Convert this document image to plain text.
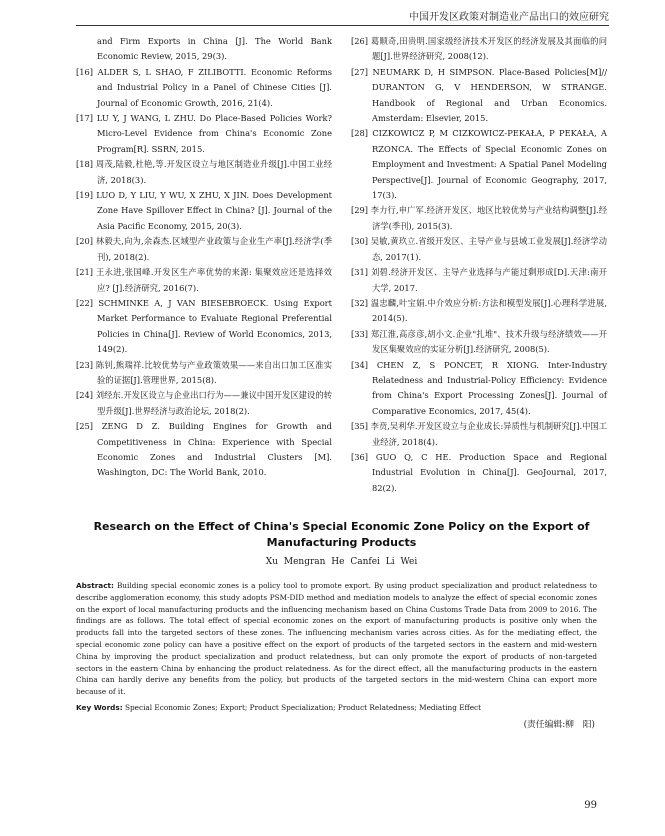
中国开发区政策对制造业产品出口的效应研究
and Firm Exports in China [J]. The World Bank Economic Review, 2015, 29(3).
[16] ALDER S, L SHAO, F ZILIBOTTI. Economic Reforms and Industrial Policy in a Panel of Chinese Cities [J]. Journal of Economic Growth, 2016, 21(4).
[17] LU Y, J WANG, L ZHU. Do Place-Based Policies Work? Micro-Level Evidence from China's Economic Zone Program[R]. SSRN, 2015.
[18] 周茂,陆毅,杜艳,等.开发区设立与地区制造业升级[J].中国工业经济, 2018(3).
[19] LUO D, Y LIU, Y WU, X ZHU, X JIN. Does Development Zone Have Spillover Effect in China? [J]. Journal of the Asia Pacific Economy, 2015, 20(3).
[20] 林毅夫,向为,余森杰.区域型产业政策与企业生产率[J].经济学(季刊), 2018(2).
[21] 王永进,张国峰.开发区生产率优势的来源: 集聚效应还是选择效应? [J].经济研究, 2016(7).
[22] SCHMINKE A, J VAN BIESEBROECK. Using Export Market Performance to Evaluate Regional Preferential Policies in China[J]. Review of World Economics, 2013, 149(2).
[23] 陈钊,熊瑞祥.比较优势与产业政策效果——来自出口加工区准实验的证据[J].管理世界, 2015(8).
[24] 刘经东.开发区设立与企业出口行为——兼议中国开发区建设的转型升级[J].世界经济与政治论坛, 2018(2).
[25] ZENG D Z. Building Engines for Growth and Competitiveness in China: Experience with Special Economic Zones and Industrial Clusters [M]. Washington, DC: The World Bank, 2010.
[26] 葛顺奇,田贵明.国家级经济技术开发区的经济发展及其面临的问题[J].世界经济研究, 2008(12).
[27] NEUMARK D, H SIMPSON. Place-Based Policies[M]// DURANTON G, V HENDERSON, W STRANGE. Handbook of Regional and Urban Economics. Amsterdam: Elsevier, 2015.
[28] CIZKOWICZ P, M CIZKOWICZ-PEKAŁA, P PEKAŁA, A RZONCA. The Effects of Special Economic Zones on Employment and Investment: A Spatial Panel Modeling Perspective[J]. Journal of Economic Geography, 2017, 17(3).
[29] 李力行,申广军.经济开发区、地区比较优势与产业结构调整[J].经济学(季刊), 2015(3).
[30] 吴敏,黄玖立.省级开发区、主导产业与县域工业发展[J].经济学动态, 2017(1).
[31] 刘碧.经济开发区、主导产业选择与产能过剩形成[D].天津:南开大学, 2017.
[32] 温忠麟,叶宝娟.中介效应分析:方法和模型发展[J].心理科学进展, 2014(5).
[33] 郑江淮,高彦彦,胡小文.企业"扎堆"、技术升级与经济绩效——开发区集聚效应的实证分析[J].经济研究, 2008(5).
[34] CHEN Z, S PONCET, R XIONG. Inter-Industry Relatedness and Industrial-Policy Efficiency: Evidence from China's Export Processing Zones[J]. Journal of Comparative Economics, 2017, 45(4).
[35] 李贲,吴利华.开发区设立与企业成长:异质性与机制研究[J].中国工业经济, 2018(4).
[36] GUO Q, C HE. Production Space and Regional Industrial Evolution in China[J]. GeoJournal, 2017, 82(2).
Research on the Effect of China's Special Economic Zone Policy on the Export of Manufacturing Products
Xu Mengran He Canfei Li Wei
Abstract: Building special economic zones is a policy tool to promote export. By using product specialization and product relatedness to describe agglomeration economy, this study adopts PSM-DID method and mediation models to analyze the effect of special economic zones on the export of local manufacturing products and the influencing mechanism based on China Customs Trade Data from 2009 to 2016. The findings are as follows. The total effect of special economic zones on the export of manufacturing products is positive only when the products fall into the targeted sectors of these zones. The influencing mechanism varies across cities. As for the mediating effect, the special economic zone policy can have a positive effect on the export of products of the targeted sectors in the eastern and mid-western China by improving the product specialization and product relatedness, but can only promote the export of products of non-targeted sectors in the eastern China by enhancing the product relatedness. As for the direct effect, all the manufacturing products in the eastern China can hardly derive any benefits from the policy, but products of the targeted sectors in the mid-western China can export more because of it.
Key Words: Special Economic Zones; Export; Product Specialization; Product Relatedness; Mediating Effect
(责任编辑:柳　阳)
99
